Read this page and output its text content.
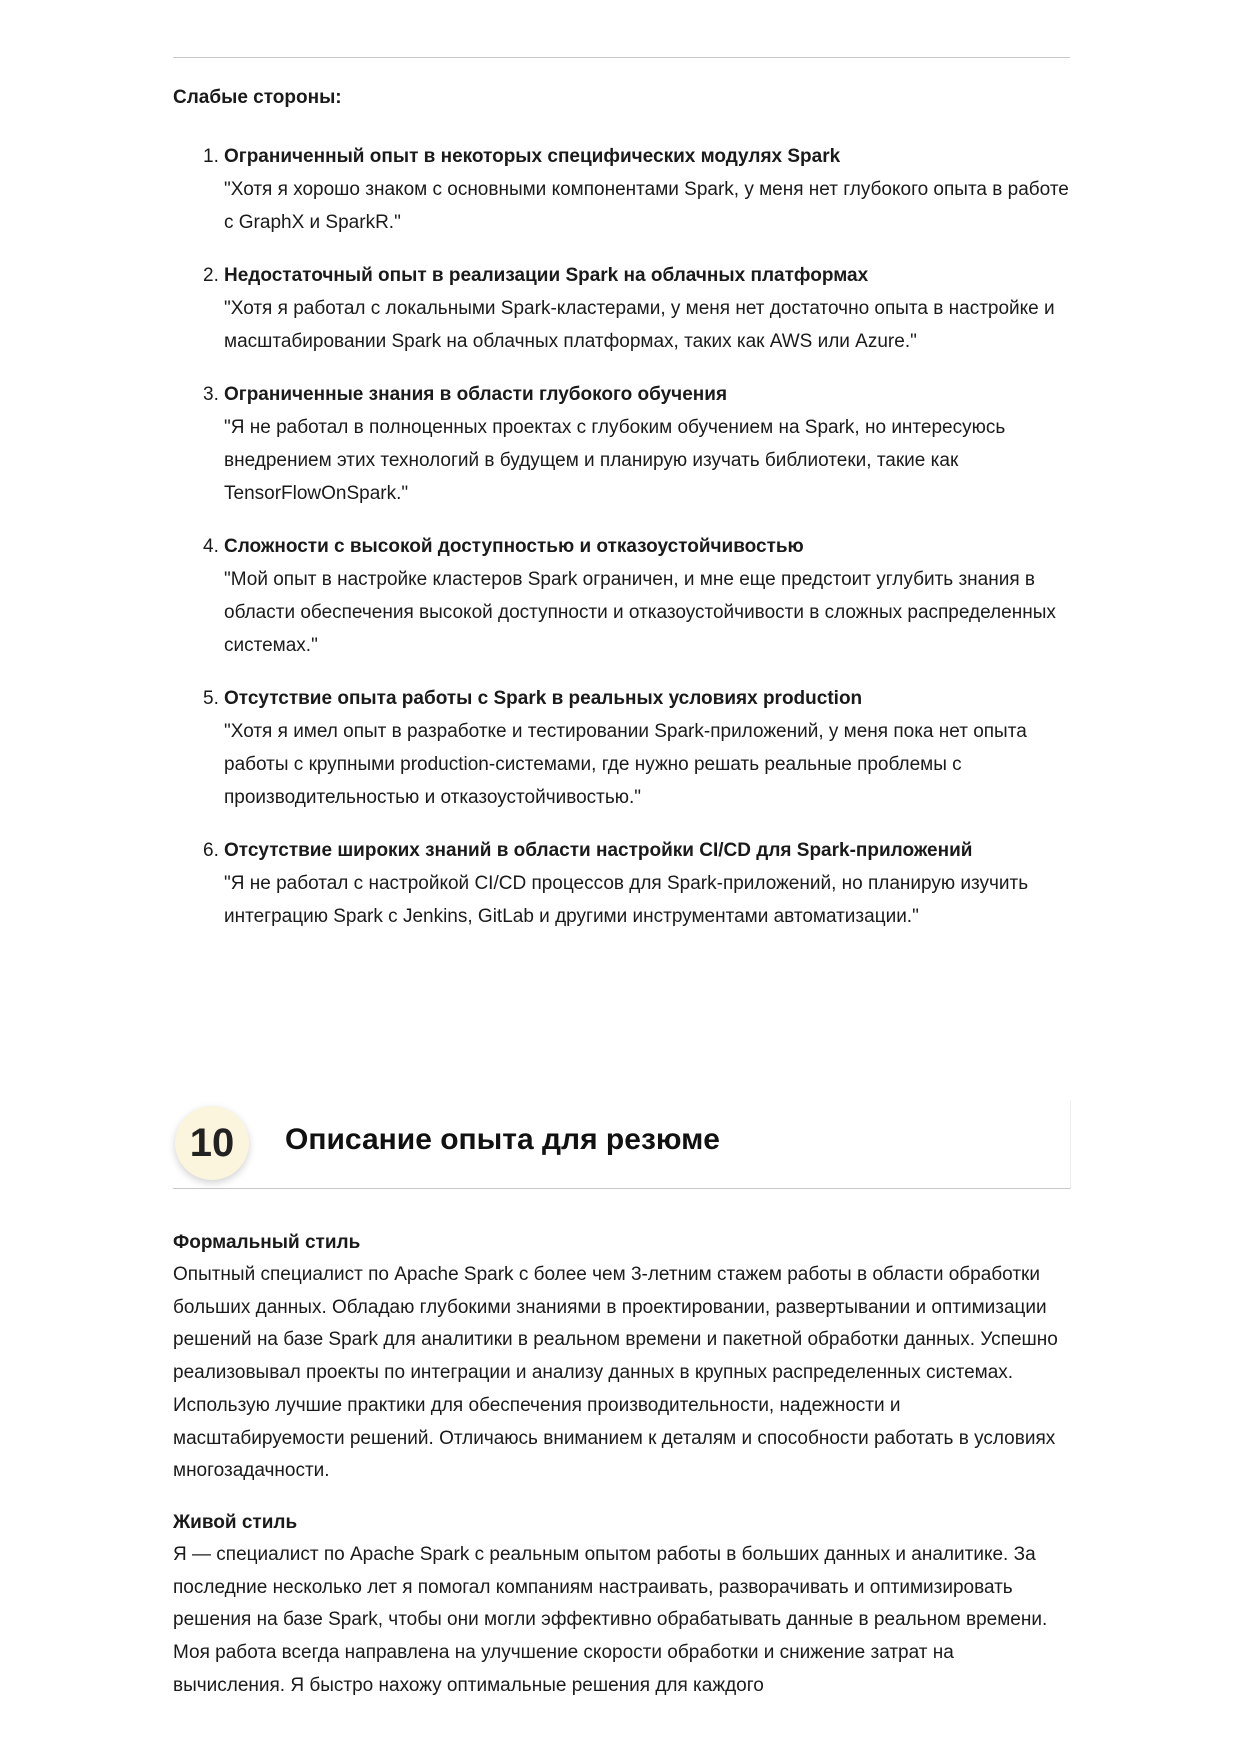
Слабые стороны:
1. Ограниченный опыт в некоторых специфических модулях Spark
"Хотя я хорошо знаком с основными компонентами Spark, у меня нет глубокого опыта в работе с GraphX и SparkR."
2. Недостаточный опыт в реализации Spark на облачных платформах
"Хотя я работал с локальными Spark-кластерами, у меня нет достаточно опыта в настройке и масштабировании Spark на облачных платформах, таких как AWS или Azure."
3. Ограниченные знания в области глубокого обучения
"Я не работал в полноценных проектах с глубоким обучением на Spark, но интересуюсь внедрением этих технологий в будущем и планирую изучать библиотеки, такие как TensorFlowOnSpark."
4. Сложности с высокой доступностью и отказоустойчивостью
"Мой опыт в настройке кластеров Spark ограничен, и мне еще предстоит углубить знания в области обеспечения высокой доступности и отказоустойчивости в сложных распределенных системах."
5. Отсутствие опыта работы с Spark в реальных условиях production
"Хотя я имел опыт в разработке и тестировании Spark-приложений, у меня пока нет опыта работы с крупными production-системами, где нужно решать реальные проблемы с производительностью и отказоустойчивостью."
6. Отсутствие широких знаний в области настройки CI/CD для Spark-приложений
"Я не работал с настройкой CI/CD процессов для Spark-приложений, но планирую изучить интеграцию Spark с Jenkins, GitLab и другими инструментами автоматизации."
10	Описание опыта для резюме
Формальный стиль

Опытный специалист по Apache Spark с более чем 3-летним стажем работы в области обработки больших данных. Обладаю глубокими знаниями в проектировании, развертывании и оптимизации решений на базе Spark для аналитики в реальном времени и пакетной обработки данных. Успешно реализовывал проекты по интеграции и анализу данных в крупных распределенных системах. Использую лучшие практики для обеспечения производительности, надежности и масштабируемости решений. Отличаюсь вниманием к деталям и способности работать в условиях многозадачности.

Живой стиль

Я — специалист по Apache Spark с реальным опытом работы в больших данных и аналитике. За последние несколько лет я помогал компаниям настраивать, разворачивать и оптимизировать решения на базе Spark, чтобы они могли эффективно обрабатывать данные в реальном времени. Моя работа всегда направлена на улучшение скорости обработки и снижение затрат на вычисления. Я быстро нахожу оптимальные решения для каждого
